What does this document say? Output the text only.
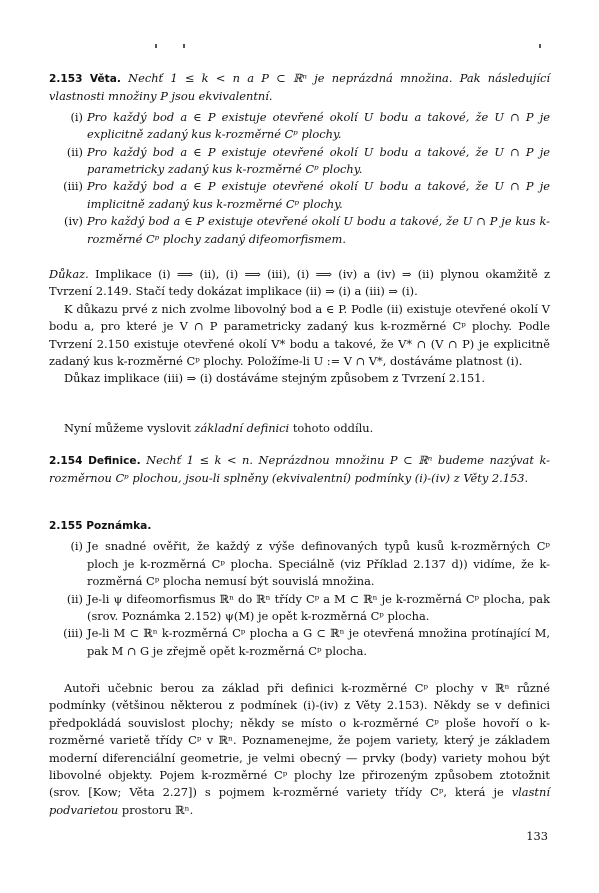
2.153 Věta. Nechť 1 ≤ k < n a P ⊂ ℝⁿ je neprázdná množina. Pak následující vlastnosti množiny P jsou ekvivalentní.

(i) Pro každý bod a ∈ P existuje otevřené okolí U bodu a takové, že U ∩ P je explicitně zadaný kus k-rozměrné Cᵖ plochy.
(ii) Pro každý bod a ∈ P existuje otevřené okolí U bodu a takové, že U ∩ P je parametricky zadaný kus k-rozměrné Cᵖ plochy.
(iii) Pro každý bod a ∈ P existuje otevřené okolí U bodu a takové, že U ∩ P je implicitně zadaný kus k-rozměrné Cᵖ plochy.
(iv) Pro každý bod a ∈ P existuje otevřené okolí U bodu a takové, že U ∩ P je kus k-rozměrné Cᵖ plochy zadaný difeomorfismem.

Důkaz. Implikace (i) ⟹ (ii), (i) ⟹ (iii), (i) ⟹ (iv) a (iv) ⇒ (ii) plynou okamžitě z Tvrzení 2.149. Stačí tedy dokázat implikace (ii) ⇒ (i) a (iii) ⇒ (i).

K důkazu prvé z nich zvolme libovolný bod a ∈ P. Podle (ii) existuje otevřené okolí V bodu a, pro které je V ∩ P parametricky zadaný kus k-rozměrné Cᵖ plochy. Podle Tvrzení 2.150 existuje otevřené okolí V* bodu a takové, že V* ∩ (V ∩ P) je explicitně zadaný kus k-rozměrné Cᵖ plochy. Položíme-li U := V ∩ V*, dostáváme platnost (i).

Důkaz implikace (iii) ⇒ (i) dostáváme stejným způsobem z Tvrzení 2.151.

Nyní můžeme vyslovit základní definici tohoto oddílu.

2.154 Definice. Nechť 1 ≤ k < n. Neprázdnou množinu P ⊂ ℝⁿ budeme nazývat k-rozměrnou Cᵖ plochou, jsou-li splněny (ekvivalentní) podmínky (i)-(iv) z Věty 2.153.

2.155 Poznámka.

(i) Je snadné ověřit, že každý z výše definovaných typů kusů k-rozměrných Cᵖ ploch je k-rozměrná Cᵖ plocha. Speciálně (viz Příklad 2.137 d)) vidíme, že k-rozměrná Cᵖ plocha nemusí být souvislá množina.
(ii) Je-li ψ difeomorfismus ℝⁿ do ℝⁿ třídy Cᵖ a M ⊂ ℝⁿ je k-rozměrná Cᵖ plocha, pak (srov. Poznámka 2.152) ψ(M) je opět k-rozměrná Cᵖ plocha.
(iii) Je-li M ⊂ ℝⁿ k-rozměrná Cᵖ plocha a G ⊂ ℝⁿ je otevřená množina protínající M, pak M ∩ G je zřejmě opět k-rozměrná Cᵖ plocha.

Autoři učebnic berou za základ při definici k-rozměrné Cᵖ plochy v ℝⁿ různé podmínky (většinou některou z podmínek (i)-(iv) z Věty 2.153). Někdy se v definici předpokládá souvislost plochy; někdy se místo o k-rozměrné Cᵖ ploše hovoří o k-rozměrné varietě třídy Cᵖ v ℝⁿ. Poznamenejme, že pojem variety, který je základem moderní diferenciální geometrie, je velmi obecný — prvky (body) variety mohou být libovolné objekty. Pojem k-rozměrné Cᵖ plochy lze přirozeným způsobem ztotožnit (srov. [Kow; Věta 2.27]) s pojmem k-rozměrné variety třídy Cᵖ, která je vlastní podvarietou prostoru ℝⁿ.

133
